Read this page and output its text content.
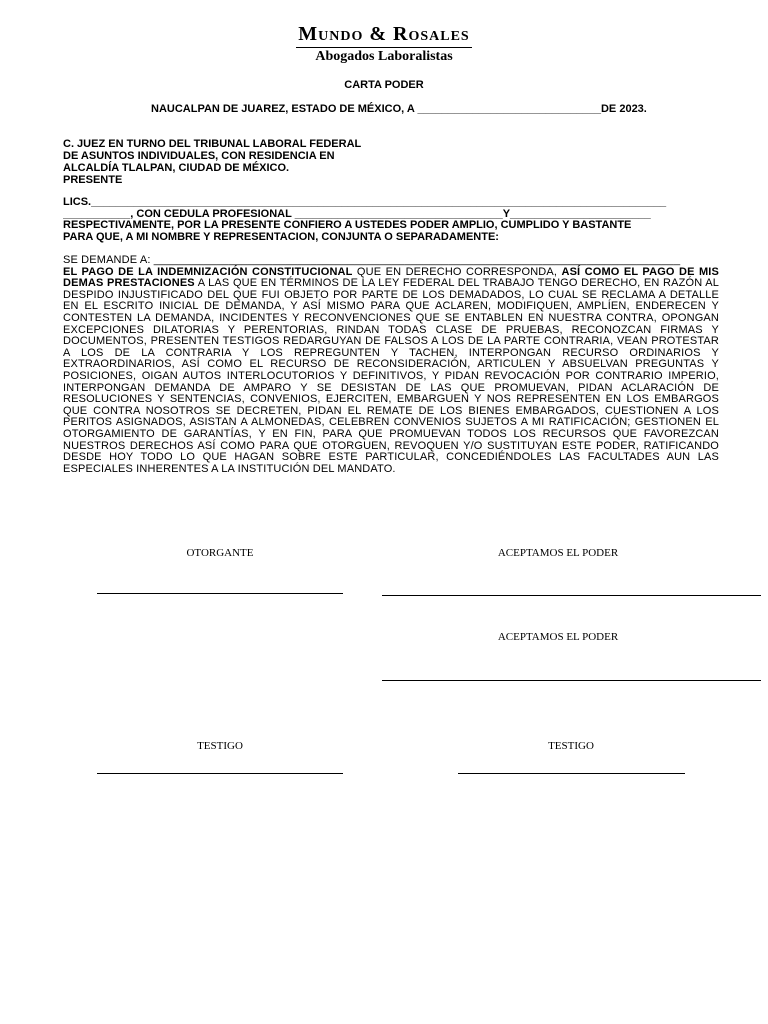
Mundo & Rosales
Abogados Laboralistas
CARTA PODER
NAUCALPAN DE JUAREZ, ESTADO DE MÉXICO, A ______________________________DE 2023.
C. JUEZ EN TURNO DEL TRIBUNAL LABORAL FEDERAL
DE ASUNTOS INDIVIDUALES, CON RESIDENCIA EN
ALCALDÍA TLALPAN, CIUDAD DE MÉXICO.
PRESENTE
LICS.______________________________________________________________________________________________
___________, CON CÉDULA PROFESIONAL __________________________________Y_______________________
RESPECTIVAMENTE, POR LA PRESENTE CONFIERO A USTEDES PODER AMPLIO, CUMPLIDO Y BASTANTE
PARA QUE, A MI NOMBRE Y REPRESENTACIÓN, CONJUNTA O SEPARADAMENTE:
SE DEMANDE A: ____________________________________________________________________________________
EL PAGO DE LA INDEMNIZACIÓN CONSTITUCIONAL QUE EN DERECHO CORRESPONDA, ASÍ COMO EL PAGO DE MIS DEMAS PRESTACIONES A LAS QUE EN TÉRMINOS DE LA LEY FEDERAL DEL TRABAJO TENGO DERECHO, EN RAZÓN AL DESPIDO INJUSTIFICADO DEL QUE FUI OBJETO POR PARTE DE LOS DEMADADOS, LO CUAL SE RECLAMA A DETALLE EN EL ESCRITO INICIAL DE DEMANDA, Y ASÍ MISMO PARA QUE ACLAREN, MODIFIQUEN, AMPLÍEN, ENDERECEN Y CONTESTEN LA DEMANDA, INCIDENTES Y RECONVENCIONES QUE SE ENTABLEN EN NUESTRA CONTRA, OPONGAN EXCEPCIONES DILATORIAS Y PERENTORIAS, RINDAN TODAS CLASE DE PRUEBAS, RECONOZCAN FIRMAS Y DOCUMENTOS, PRESENTEN TESTIGOS REDARGUYAN DE FALSOS A LOS DE LA PARTE CONTRARIA, VEAN PROTESTAR A LOS DE LA CONTRARIA Y LOS REPREGUNTEN Y TACHEN, INTERPONGAN RECURSO ORDINARIOS Y EXTRAORDINARIOS, ASÍ COMO EL RECURSO DE RECONSIDERACIÓN, ARTICULEN Y ABSUELVAN PREGUNTAS Y POSICIONES, OIGAN AUTOS INTERLOCUTORIOS Y DEFINITIVOS, Y PIDAN REVOCACIÓN POR CONTRARIO IMPERIO, INTERPONGAN DEMANDA DE AMPARO Y SE DESISTAN DE LAS QUE PROMUEVAN, PIDAN ACLARACIÓN DE RESOLUCIONES Y SENTENCIAS, CONVENIOS, EJERCITEN, EMBARGUEN Y NOS REPRESENTEN EN LOS EMBARGOS QUE CONTRA NOSOTROS SE DECRETEN, PIDAN EL REMATE DE LOS BIENES EMBARGADOS, CUESTIONEN A LOS PERITOS ASIGNADOS, ASISTAN A ALMONEDAS, CELEBREN CONVENIOS SUJETOS A MI RATIFICACIÓN; GESTIONEN EL OTORGAMIENTO DE GARANTÍAS, Y EN FIN, PARA QUE PROMUEVAN TODOS LOS RECURSOS QUE FAVOREZCAN NUESTROS DERECHOS ASÍ COMO PARA QUE OTORGUEN, REVOQUEN Y/O SUSTITUYAN ESTE PODER, RATIFICANDO DESDE HOY TODO LO QUE HAGAN SOBRE ESTE PARTICULAR, CONCEDIÉNDOLES LAS FACULTADES AUN LAS ESPECIALES INHERENTES A LA INSTITUCIÓN DEL MANDATO.
OTORGANTE	ACEPTAMOS EL PODER
ACEPTAMOS EL PODER
TESTIGO	TESTIGO
